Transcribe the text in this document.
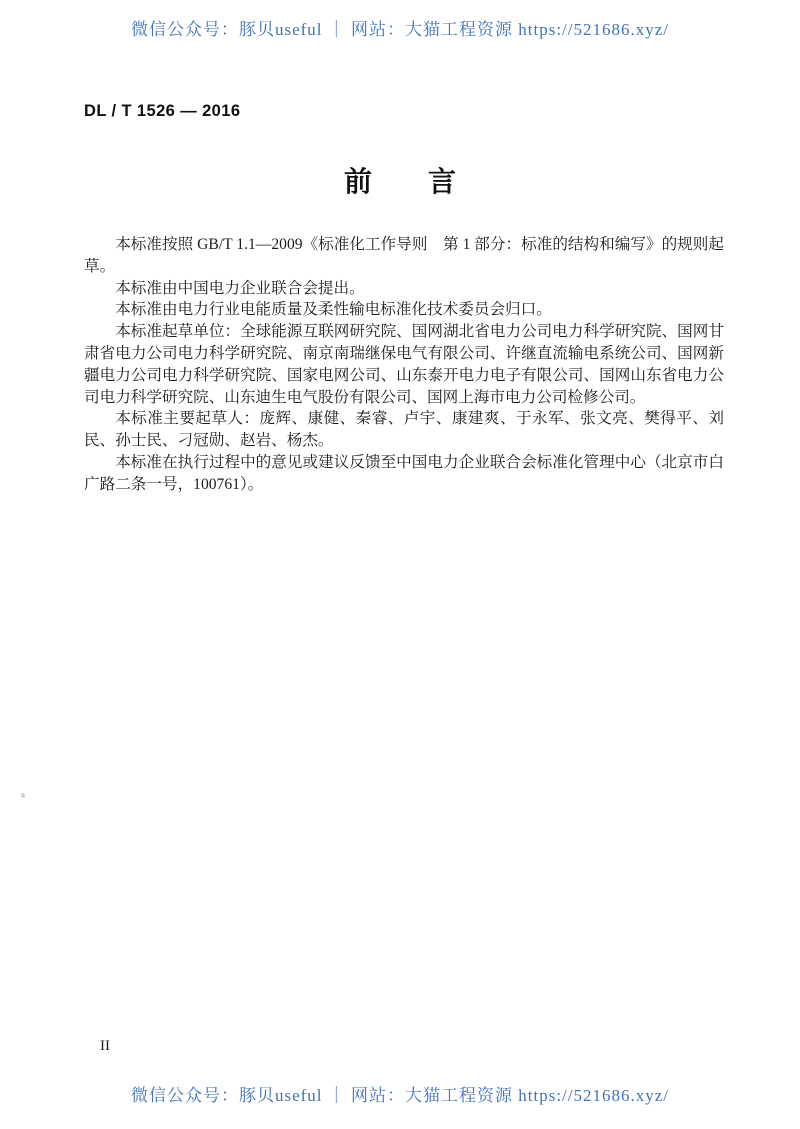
微信公众号：豚贝useful ｜ 网站：大猫工程资源 https://521686.xyz/
DL / T 1526 — 2016
前　　言

本标准按照 GB/T 1.1—2009《标准化工作导则　第 1 部分：标准的结构和编写》的规则起草。

本标准由中国电力企业联合会提出。

本标准由电力行业电能质量及柔性输电标准化技术委员会归口。

本标准起草单位：全球能源互联网研究院、国网湖北省电力公司电力科学研究院、国网甘肃省电力公司电力科学研究院、南京南瑞继保电气有限公司、许继直流输电系统公司、国网新疆电力公司电力科学研究院、国家电网公司、山东泰开电力电子有限公司、国网山东省电力公司电力科学研究院、山东迪生电气股份有限公司、国网上海市电力公司检修公司。

本标准主要起草人：庞辉、康健、秦睿、卢宇、康建爽、于永军、张文亮、樊得平、刘民、孙士民、刁冠勋、赵岩、杨杰。

本标准在执行过程中的意见或建议反馈至中国电力企业联合会标准化管理中心（北京市白广路二条一号，100761）。

II
微信公众号：豚贝useful ｜ 网站：大猫工程资源 https://521686.xyz/
